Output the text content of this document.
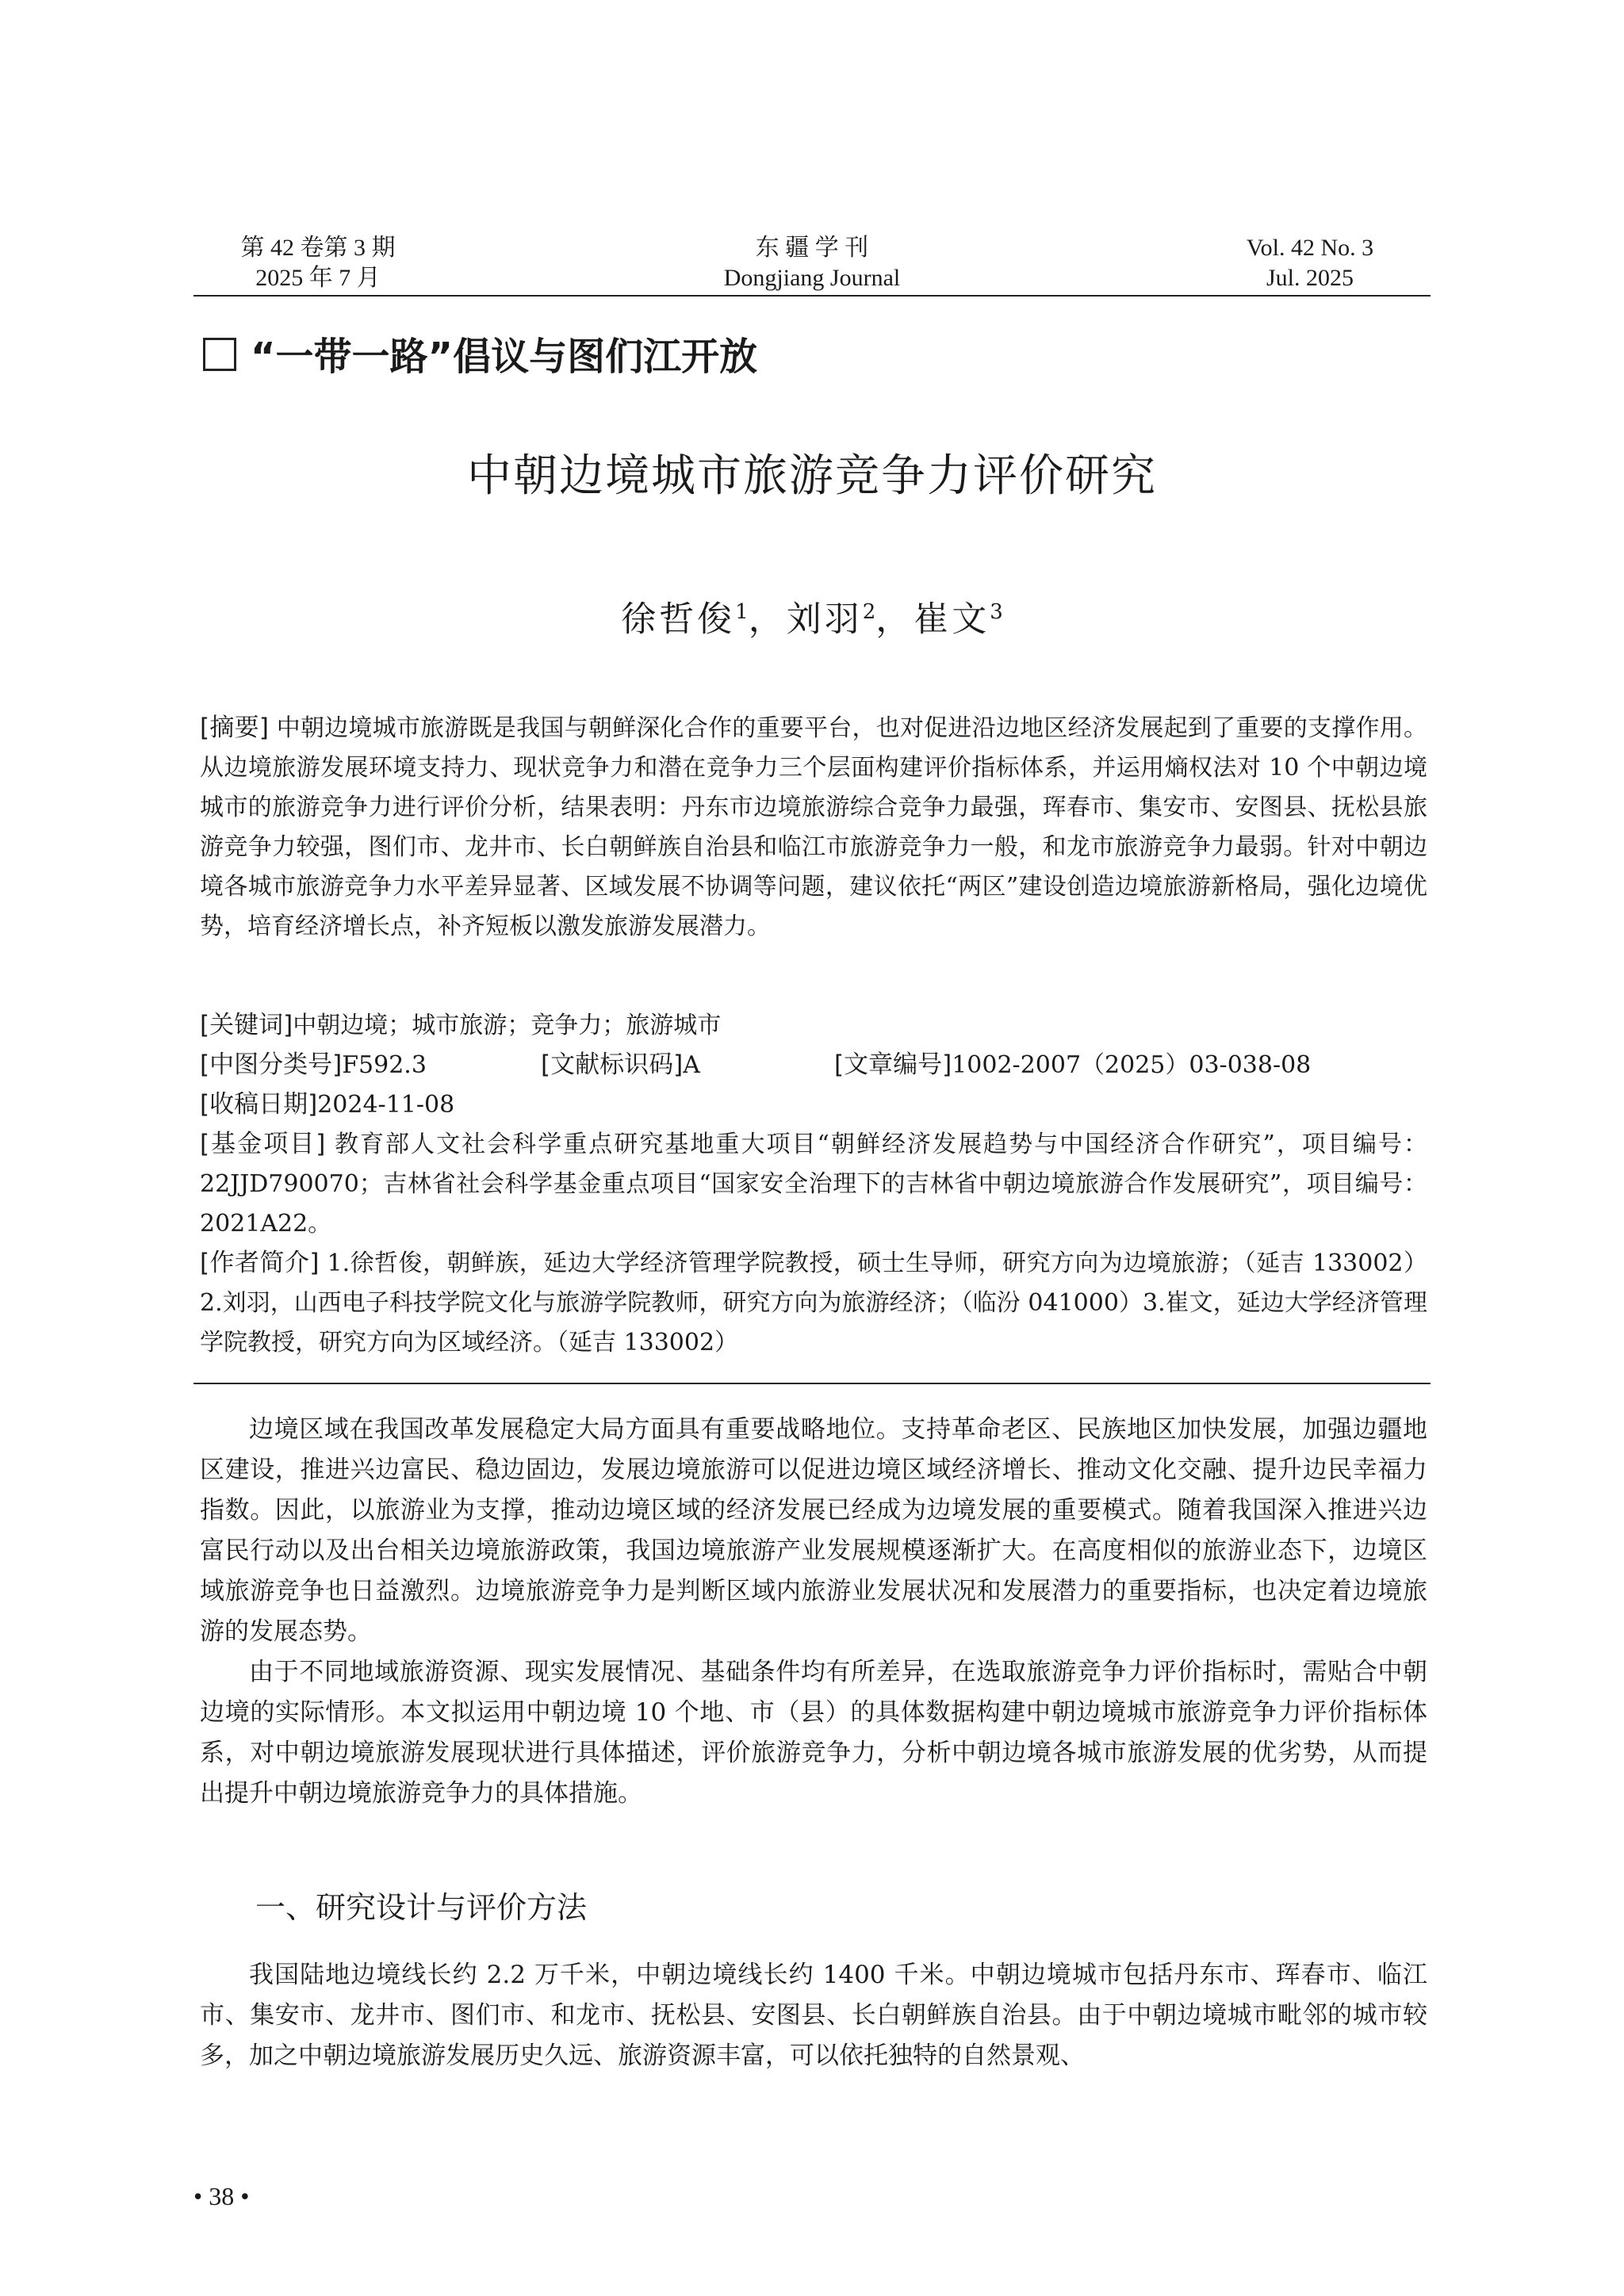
第 42 卷第 3 期
2025 年 7 月
东 疆 学 刊
Dongjiang Journal
Vol. 42 No. 3
Jul. 2025
“一带一路”倡议与图们江开放
中朝边境城市旅游竞争力评价研究
徐哲俊$^1$，刘羽$^2$，崔文$^3$
[摘要] 中朝边境城市旅游既是我国与朝鲜深化合作的重要平台，也对促进沿边地区经济发展起到了重要的支撑作用。从边境旅游发展环境支持力、现状竞争力和潜在竞争力三个层面构建评价指标体系，并运用熵权法对 10 个中朝边境城市的旅游竞争力进行评价分析，结果表明：丹东市边境旅游综合竞争力最强，珲春市、集安市、安图县、抚松县旅游竞争力较强，图们市、龙井市、长白朝鲜族自治县和临江市旅游竞争力一般，和龙市旅游竞争力最弱。针对中朝边境各城市旅游竞争力水平差异显著、区域发展不协调等问题，建议依托“两区”建设创造边境旅游新格局，强化边境优势，培育经济增长点，补齐短板以激发旅游发展潜力。
[关键词]中朝边境；城市旅游；竞争力；旅游城市
[中图分类号]F592.3	[文献标识码]A	[文章编号]1002-2007（2025）03-038-08
[收稿日期]2024-11-08
[基金项目] 教育部人文社会科学重点研究基地重大项目“朝鲜经济发展趋势与中国经济合作研究”，项目编号：22JJD790070；吉林省社会科学基金重点项目“国家安全治理下的吉林省中朝边境旅游合作发展研究”，项目编号：2021A22。
[作者简介] 1.徐哲俊，朝鲜族，延边大学经济管理学院教授，硕士生导师，研究方向为边境旅游；（延吉 133002）2.刘羽，山西电子科技学院文化与旅游学院教师，研究方向为旅游经济；（临汾 041000）3.崔文，延边大学经济管理学院教授，研究方向为区域经济。（延吉 133002）

边境区域在我国改革发展稳定大局方面具有重要战略地位。支持革命老区、民族地区加快发展，加强边疆地区建设，推进兴边富民、稳边固边，发展边境旅游可以促进边境区域经济增长、推动文化交融、提升边民幸福力指数。因此，以旅游业为支撑，推动边境区域的经济发展已经成为边境发展的重要模式。随着我国深入推进兴边富民行动以及出台相关边境旅游政策，我国边境旅游产业发展规模逐渐扩大。在高度相似的旅游业态下，边境区域旅游竞争也日益激烈。边境旅游竞争力是判断区域内旅游业发展状况和发展潜力的重要指标，也决定着边境旅游的发展态势。

由于不同地域旅游资源、现实发展情况、基础条件均有所差异，在选取旅游竞争力评价指标时，需贴合中朝边境的实际情形。本文拟运用中朝边境 10 个地、市（县）的具体数据构建中朝边境城市旅游竞争力评价指标体系，对中朝边境旅游发展现状进行具体描述，评价旅游竞争力，分析中朝边境各城市旅游发展的优劣势，从而提出提升中朝边境旅游竞争力的具体措施。

一、研究设计与评价方法

我国陆地边境线长约 2.2 万千米，中朝边境线长约 1400 千米。中朝边境城市包括丹东市、珲春市、临江市、集安市、龙井市、图们市、和龙市、抚松县、安图县、长白朝鲜族自治县。由于中朝边境城市毗邻的城市较多，加之中朝边境旅游发展历史久远、旅游资源丰富，可以依托独特的自然景观、

• 38 •
